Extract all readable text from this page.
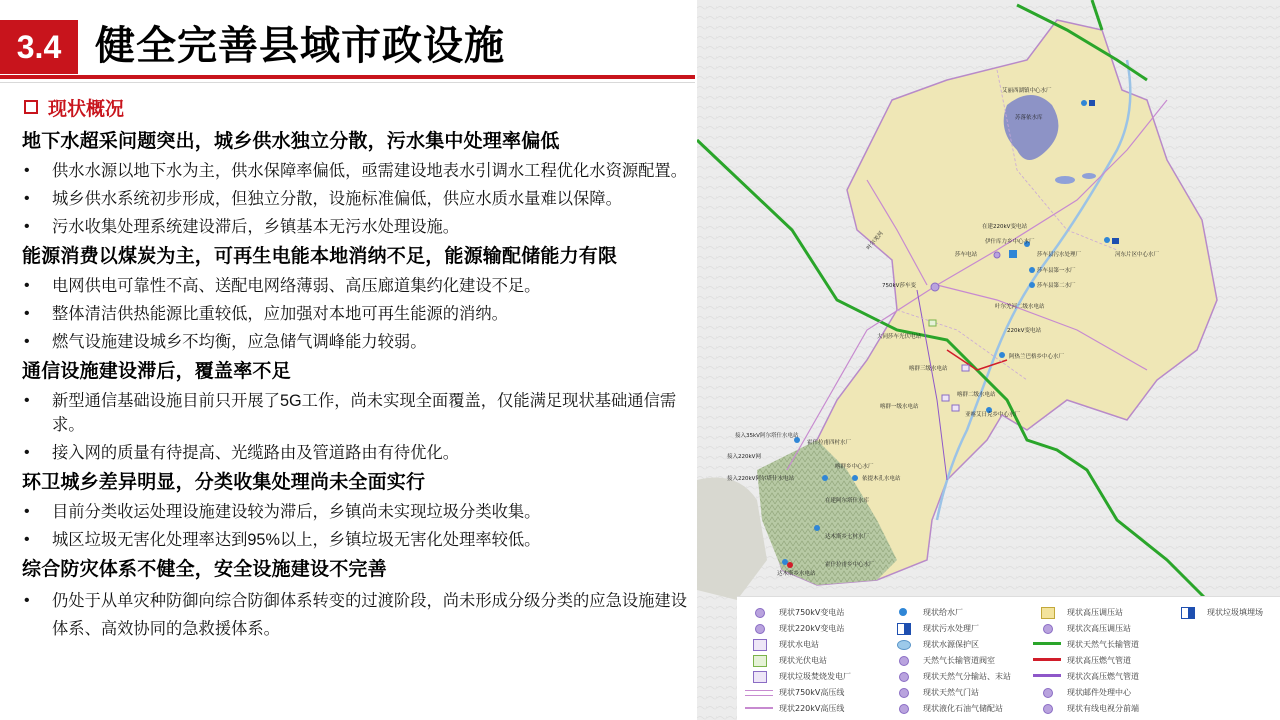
3.4 健全完善县域市政设施
现状概况
地下水超采问题突出，城乡供水独立分散，污水集中处理率偏低
• 供水水源以地下水为主，供水保障率偏低，亟需建设地表水引调水工程优化水资源配置。
• 城乡供水系统初步形成，但独立分散，设施标准偏低，供应水质水量难以保障。
• 污水收集处理系统建设滞后，乡镇基本无污水处理设施。
能源消费以煤炭为主，可再生电能本地消纳不足，能源输配储能力有限
• 电网供电可靠性不高、送配电网络薄弱、高压廊道集约化建设不足。
• 整体清洁供热能源比重较低，应加强对本地可再生能源的消纳。
• 燃气设施建设城乡不均衡，应急储气调峰能力较弱。
通信设施建设滞后，覆盖率不足
• 新型通信基础设施目前只开展了5G工作，尚未实现全面覆盖，仅能满足现状基础通信需求。
• 接入网的质量有待提高、光缆路由及管道路由有待优化。
环卫城乡差异明显，分类收集处理尚未全面实行
• 目前分类收运处理设施建设较为滞后，乡镇尚未实现垃圾分类收集。
• 城区垃圾无害化处理率达到95%以上，乡镇垃圾无害化处理率较低。
综合防灾体系不健全，安全设施建设不完善
• 仍处于从单灾种防御向综合防御体系转变的过渡阶段，尚未形成分级分类的应急设施建设体系、高效协同的急救援体系。
艾丽西湖镇中心水厂
苏落依水库
在建220kV变电站
伊什库力乡中心水厂
莎车县污水处理厂
莎车县第一水厂
莎车县第二水厂
河东片区中心水厂
750kV莎车变
莎车电站
220kV变电站
叶尔羌河二级水电站
大同莎车光伏电站
喀群三级水电站
阿热兰巴格乡中心水厂
喀群二级水电站
喀群一级水电站
亚喀艾日克乡中心水厂
接入35kV阿尔塔什水电站
霍什拉甫四村水厂
接入220kV网
喀群乡中心水厂
依提木孔水电站
接入220kV阿尔塔什水电站
在建阿尔塔什水库
达木斯乡七村水厂
达木斯乡水电站
霍什拉甫乡中心水厂
叶尔羌河
现状750kV变电站
现状220kV变电站
现状水电站
现状光伏电站
现状垃圾焚烧发电厂
现状750kV高压线
现状220kV高压线
现状给水厂
现状污水处理厂
现状水源保护区
天然气长输管道阀室
现状天然气分输站、末站
现状天然气门站
现状液化石油气储配站
现状高压调压站
现状次高压调压站
现状天然气长输管道
现状高压燃气管道
现状次高压燃气管道
现状邮件处理中心
现状有线电视分前端
现状垃圾填埋场
